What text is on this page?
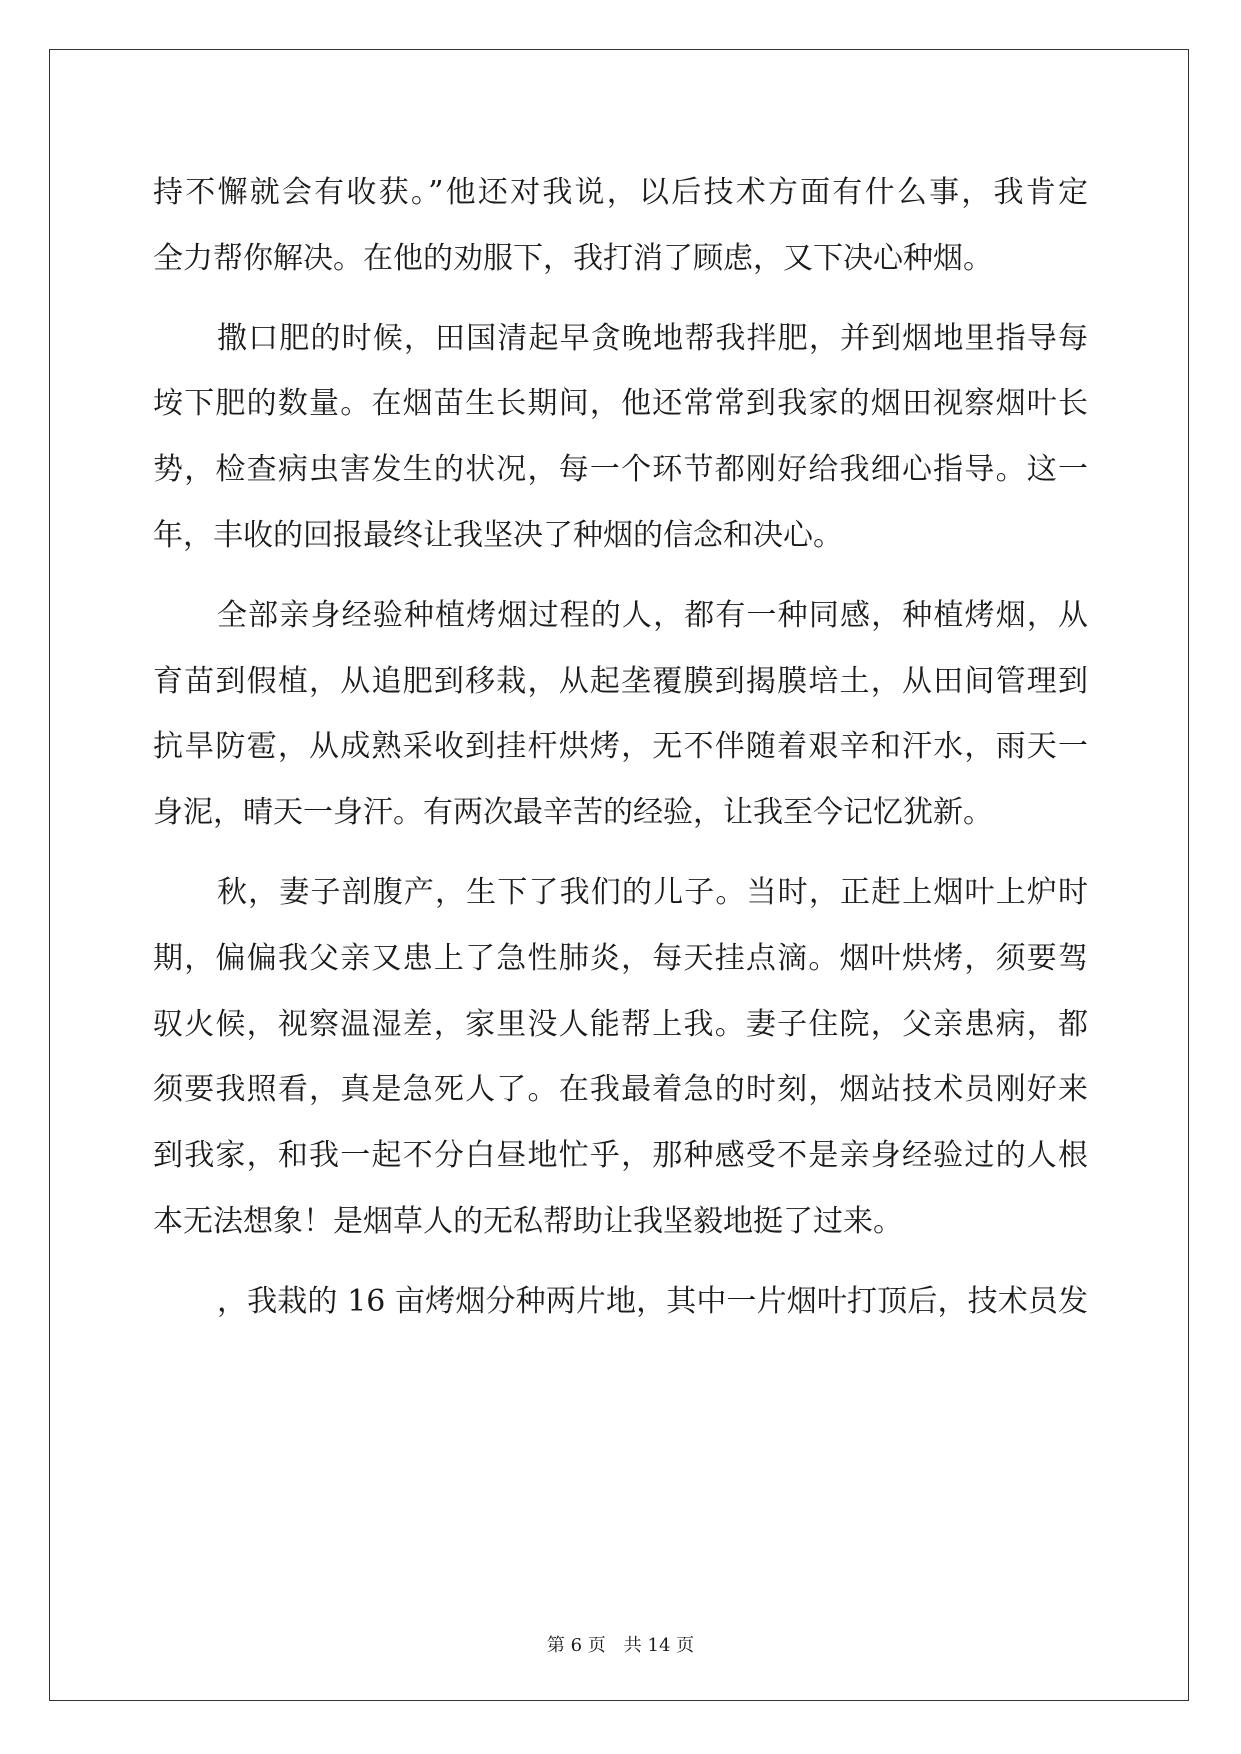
持不懈就会有收获。”他还对我说，以后技术方面有什么事，我肯定
全力帮你解决。在他的劝服下，我打消了顾虑，又下决心种烟。
撒口肥的时候，田国清起早贪晚地帮我拌肥，并到烟地里指导每
垵下肥的数量。在烟苗生长期间，他还常常到我家的烟田视察烟叶长
势，检查病虫害发生的状况，每一个环节都刚好给我细心指导。这一
年，丰收的回报最终让我坚决了种烟的信念和决心。
全部亲身经验种植烤烟过程的人，都有一种同感，种植烤烟，从
育苗到假植，从追肥到移栽，从起垄覆膜到揭膜培土，从田间管理到
抗旱防雹，从成熟采收到挂杆烘烤，无不伴随着艰辛和汗水，雨天一
身泥，晴天一身汗。有两次最辛苦的经验，让我至今记忆犹新。
秋，妻子剖腹产，生下了我们的儿子。当时，正赶上烟叶上炉时
期，偏偏我父亲又患上了急性肺炎，每天挂点滴。烟叶烘烤，须要驾
驭火候，视察温湿差，家里没人能帮上我。妻子住院，父亲患病，都
须要我照看，真是急死人了。在我最着急的时刻，烟站技术员刚好来
到我家，和我一起不分白昼地忙乎，那种感受不是亲身经验过的人根
本无法想象！是烟草人的无私帮助让我坚毅地挺了过来。
，我栽的 16 亩烤烟分种两片地，其中一片烟叶打顶后，技术员发
第 6 页 共 14 页
